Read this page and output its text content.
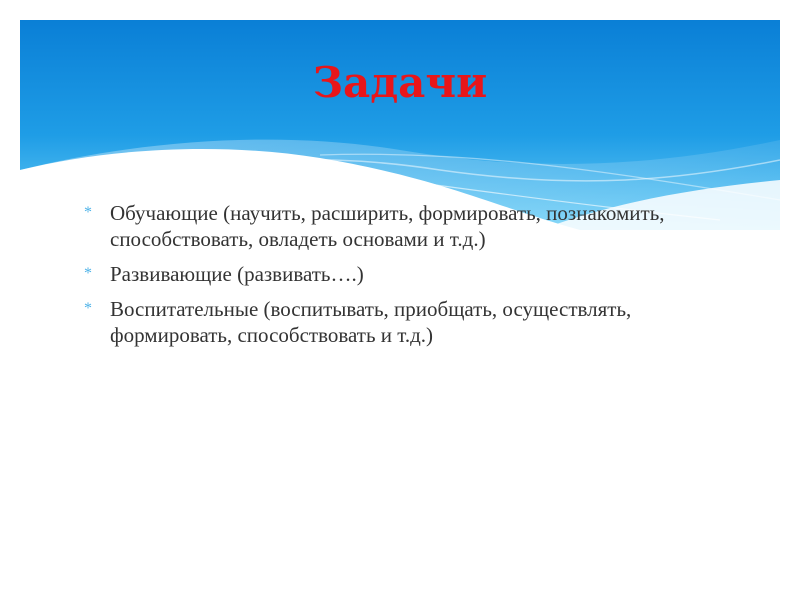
Задачи
* Обучающие (научить, расширить, формировать, познакомить, способствовать, овладеть основами и т.д.)
* Развивающие (развивать….)
* Воспитательные (воспитывать, приобщать, осуществлять, формировать, способствовать и т.д.)
